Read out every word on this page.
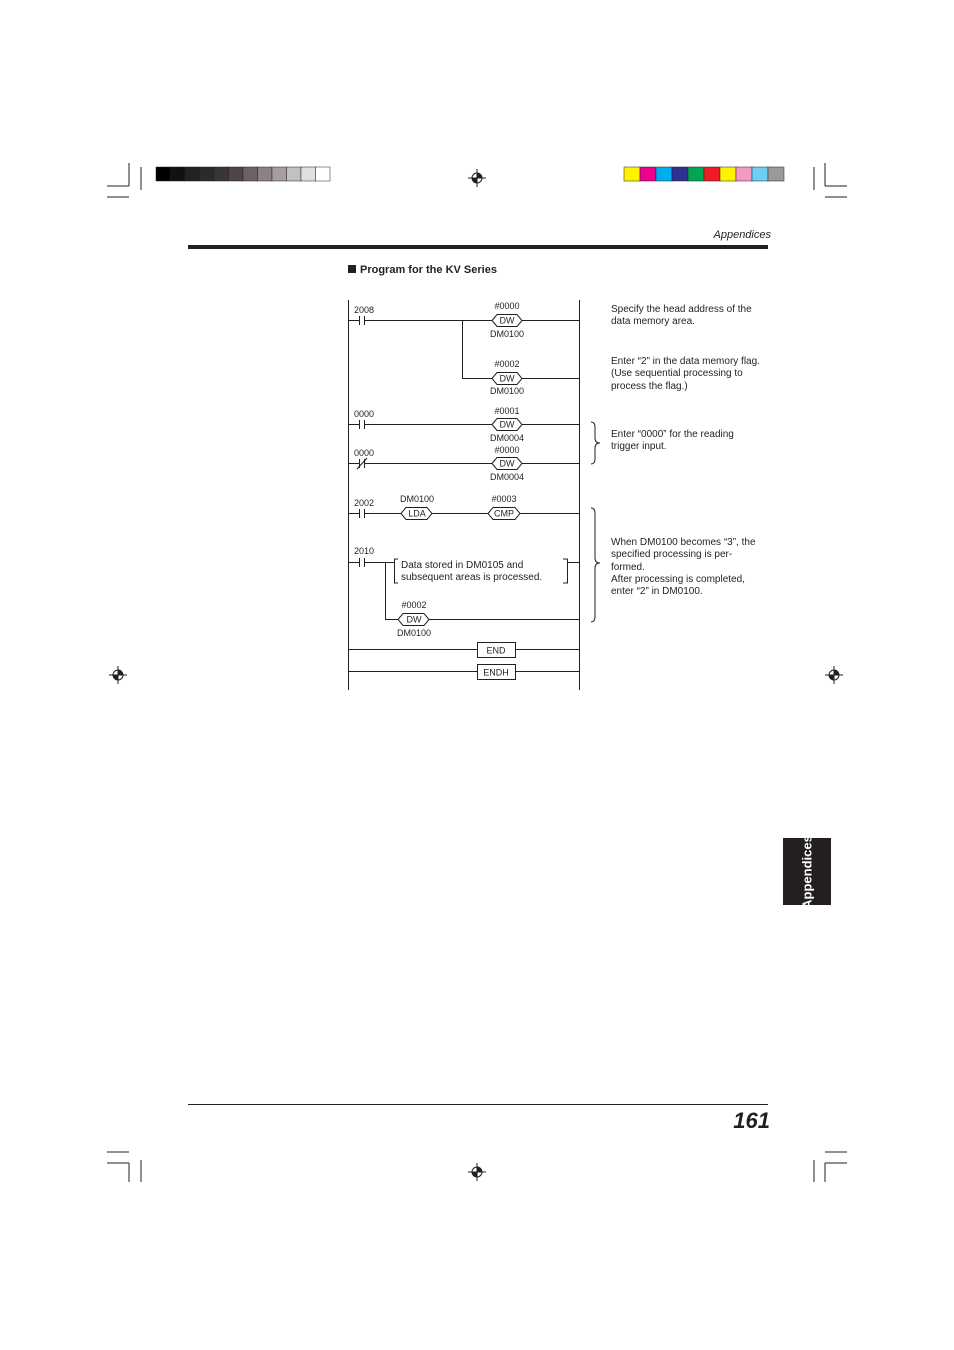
Appendices
Program for the KV Series
2008	#0000
DW
DM0100
#0002
DW
DM0100
0000	#0001
DW
DM0004
0000	#0000
DW
DM0004
2002	DM0100
LDA
#0003
CMP
2010
Data stored in DM0105 and
subsequent areas is processed.
#0002
DW
DM0100
END
ENDH
Specify the head address of the
data memory area.
Enter “2” in the data memory flag.
(Use sequential processing to
process the flag.)
Enter “0000” for the reading
trigger input.
When DM0100 becomes “3”, the
specified processing is per-
formed.
After processing is completed,
enter “2” in DM0100.
Appendices
161
